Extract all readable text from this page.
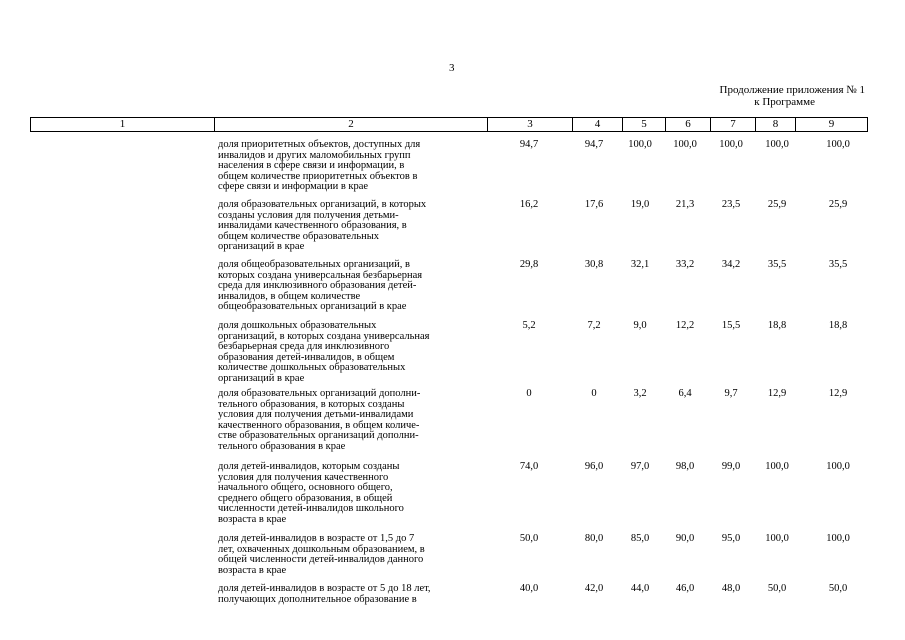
3
Продолжение приложения № 1
к Программе
1	2	3	4	5	6	7	8	9
доля приоритетных объектов, доступных для
инвалидов и других маломобильных групп
населения в сфере связи и информации, в
общем количестве приоритетных объектов в
сфере связи и информации в крае
94,7	94,7	100,0	100,0	100,0	100,0	100,0
доля образовательных организаций, в которых
созданы условия для получения детьми-
инвалидами качественного образования, в
общем количестве образовательных
организаций в крае
16,2	17,6	19,0	21,3	23,5	25,9	25,9
доля общеобразовательных организаций, в
которых создана универсальная безбарьерная
среда для инклюзивного образования детей-
инвалидов, в общем количестве
общеобразовательных организаций в крае
29,8	30,8	32,1	33,2	34,2	35,5	35,5
доля дошкольных образовательных
организаций, в которых создана универсальная
безбарьерная среда для инклюзивного
образования детей-инвалидов, в общем
количестве дошкольных образовательных
организаций в крае
5,2	7,2	9,0	12,2	15,5	18,8	18,8
доля образовательных организаций дополни-
тельного образования, в которых созданы
условия для получения детьми-инвалидами
качественного образования, в общем количе-
стве образовательных организаций дополни-
тельного образования в крае
0	0	3,2	6,4	9,7	12,9	12,9
доля детей-инвалидов, которым созданы
условия для получения качественного
начального общего, основного общего,
среднего общего образования, в общей
численности детей-инвалидов школьного
возраста в крае
74,0	96,0	97,0	98,0	99,0	100,0	100,0
доля детей-инвалидов в возрасте от 1,5 до 7
лет, охваченных дошкольным образованием, в
общей численности детей-инвалидов данного
возраста в крае
50,0	80,0	85,0	90,0	95,0	100,0	100,0
доля детей-инвалидов в возрасте от 5 до 18 лет,
получающих дополнительное образование в
40,0	42,0	44,0	46,0	48,0	50,0	50,0
